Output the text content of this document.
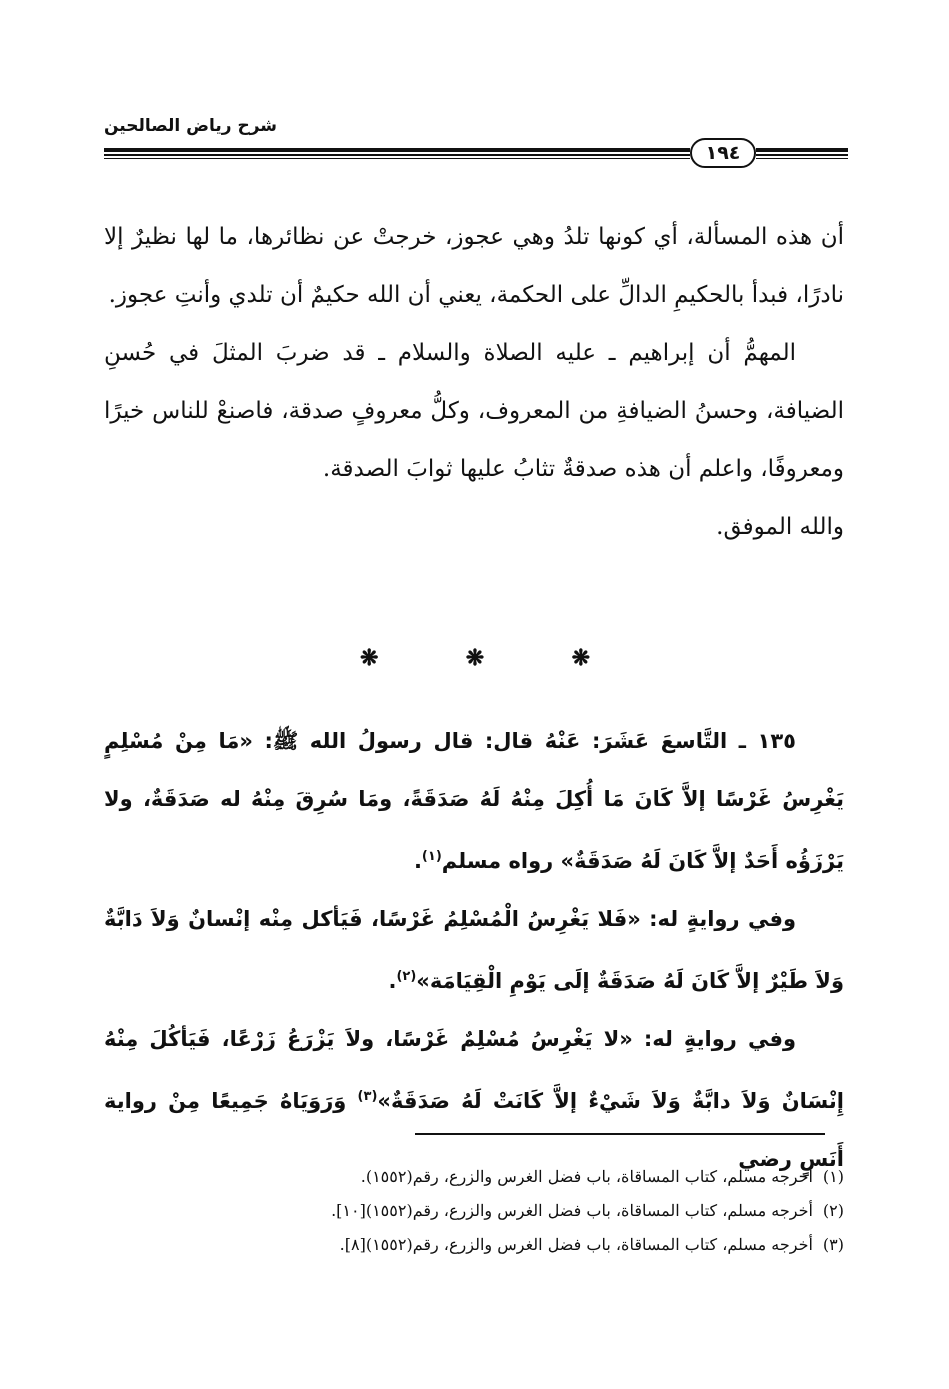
شرح رياض الصالحين
١٩٤

أن هذه المسألة، أي كونها تلدُ وهي عجوز، خرجتْ عن نظائرها، ما لها نظيرٌ إلا نادرًا، فبدأ بالحكيمِ الدالِّ على الحكمة، يعني أن الله حكيمٌ أن تلدي وأنتِ عجوز.

المهمُّ أن إبراهيم ـ عليه الصلاة والسلام ـ قد ضربَ المثلَ في حُسنِ الضيافة، وحسنُ الضيافةِ من المعروف، وكلُّ معروفٍ صدقة، فاصنعْ للناس خيرًا ومعروفًا، واعلم أن هذه صدقةٌ تثابُ عليها ثوابَ الصدقة.

والله الموفق.

❋	❋	❋

١٣٥ ـ التَّاسعَ عَشَرَ: عَنْهُ قال: قال رسولُ الله ﷺ: «مَا مِنْ مُسْلِمٍ يَغْرِسُ غَرْسًا إلاَّ كَانَ مَا أُكِلَ مِنْهُ لَهُ صَدَقَةً، ومَا سُرِقَ مِنْهُ له صَدَقَةٌ، ولا يَرْزَؤُه أَحَدٌ إلاَّ كَانَ لَهُ صَدَقَةٌ» رواه مسلم$^{(١)}$.

وفي روايةٍ له: «فَلا يَغْرِسُ الْمُسْلِمُ غَرْسًا، فَيَأكل مِنْه إنْسانٌ وَلاَ دَابَّةٌ وَلاَ طَيْرٌ إلاَّ كَانَ لَهُ صَدَقَةٌ إلَى يَوْمِ الْقِيَامَة»$^{(٢)}$.

وفي روايةٍ له: «لا يَغْرِسُ مُسْلِمٌ غَرْسًا، ولاَ يَزْرَعُ زَرْعًا، فَيَأكُلَ مِنْهُ إِنْسَانٌ وَلاَ دابَّةٌ وَلاَ شَيْءٌ إلاَّ كَانَتْ لَهُ صَدَقَةٌ»$^{(٣)}$ وَرَوَيَاهُ جَمِيعًا مِنْ رواية أَنَسٍ رضي

(١)
أخرجه مسلم، كتاب المساقاة، باب فضل الغرس والزرع، رقم(١٥٥٢).
(٢)
أخرجه مسلم، كتاب المساقاة، باب فضل الغرس والزرع، رقم(١٥٥٢)[١٠].
(٣)
أخرجه مسلم، كتاب المساقاة، باب فضل الغرس والزرع، رقم(١٥٥٢)[٨].
